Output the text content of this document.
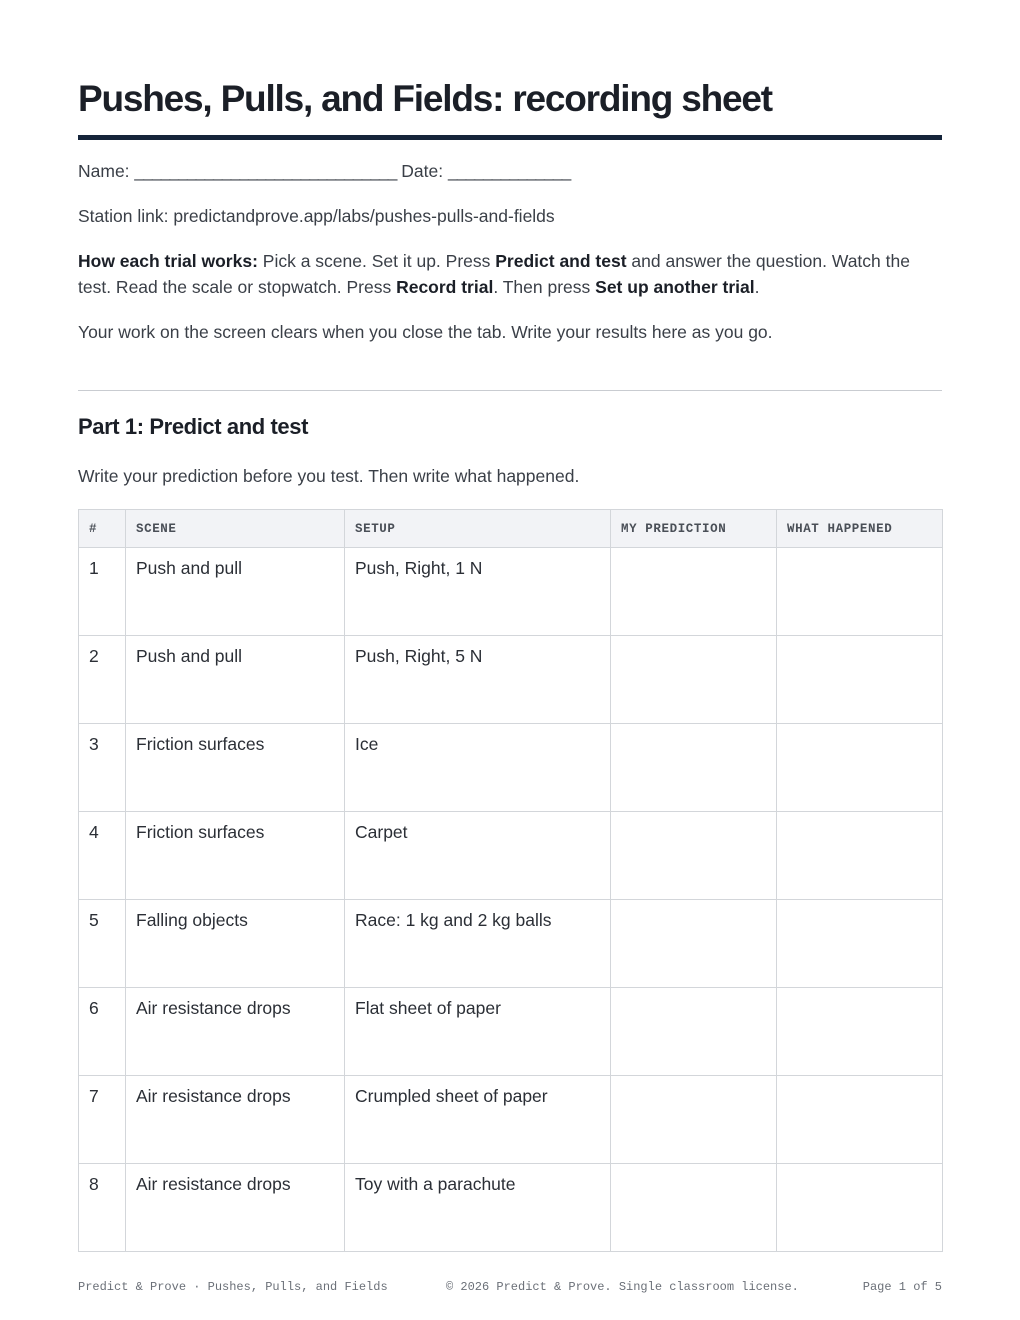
Pushes, Pulls, and Fields: recording sheet
Name: ______________________________ Date: ______________
Station link: predictandprove.app/labs/pushes-pulls-and-fields
How each trial works: Pick a scene. Set it up. Press Predict and test and answer the question. Watch the test. Read the scale or stopwatch. Press Record trial. Then press Set up another trial.
Your work on the screen clears when you close the tab. Write your results here as you go.
Part 1: Predict and test
Write your prediction before you test. Then write what happened.
#	SCENE	SETUP	MY PREDICTION	WHAT HAPPENED
1	Push and pull	Push, Right, 1 N		
2	Push and pull	Push, Right, 5 N		
3	Friction surfaces	Ice		
4	Friction surfaces	Carpet		
5	Falling objects	Race: 1 kg and 2 kg balls		
6	Air resistance drops	Flat sheet of paper		
7	Air resistance drops	Crumpled sheet of paper		
8	Air resistance drops	Toy with a parachute		
Predict & Prove · Pushes, Pulls, and Fields	© 2026 Predict & Prove. Single classroom license.	Page 1 of 5
